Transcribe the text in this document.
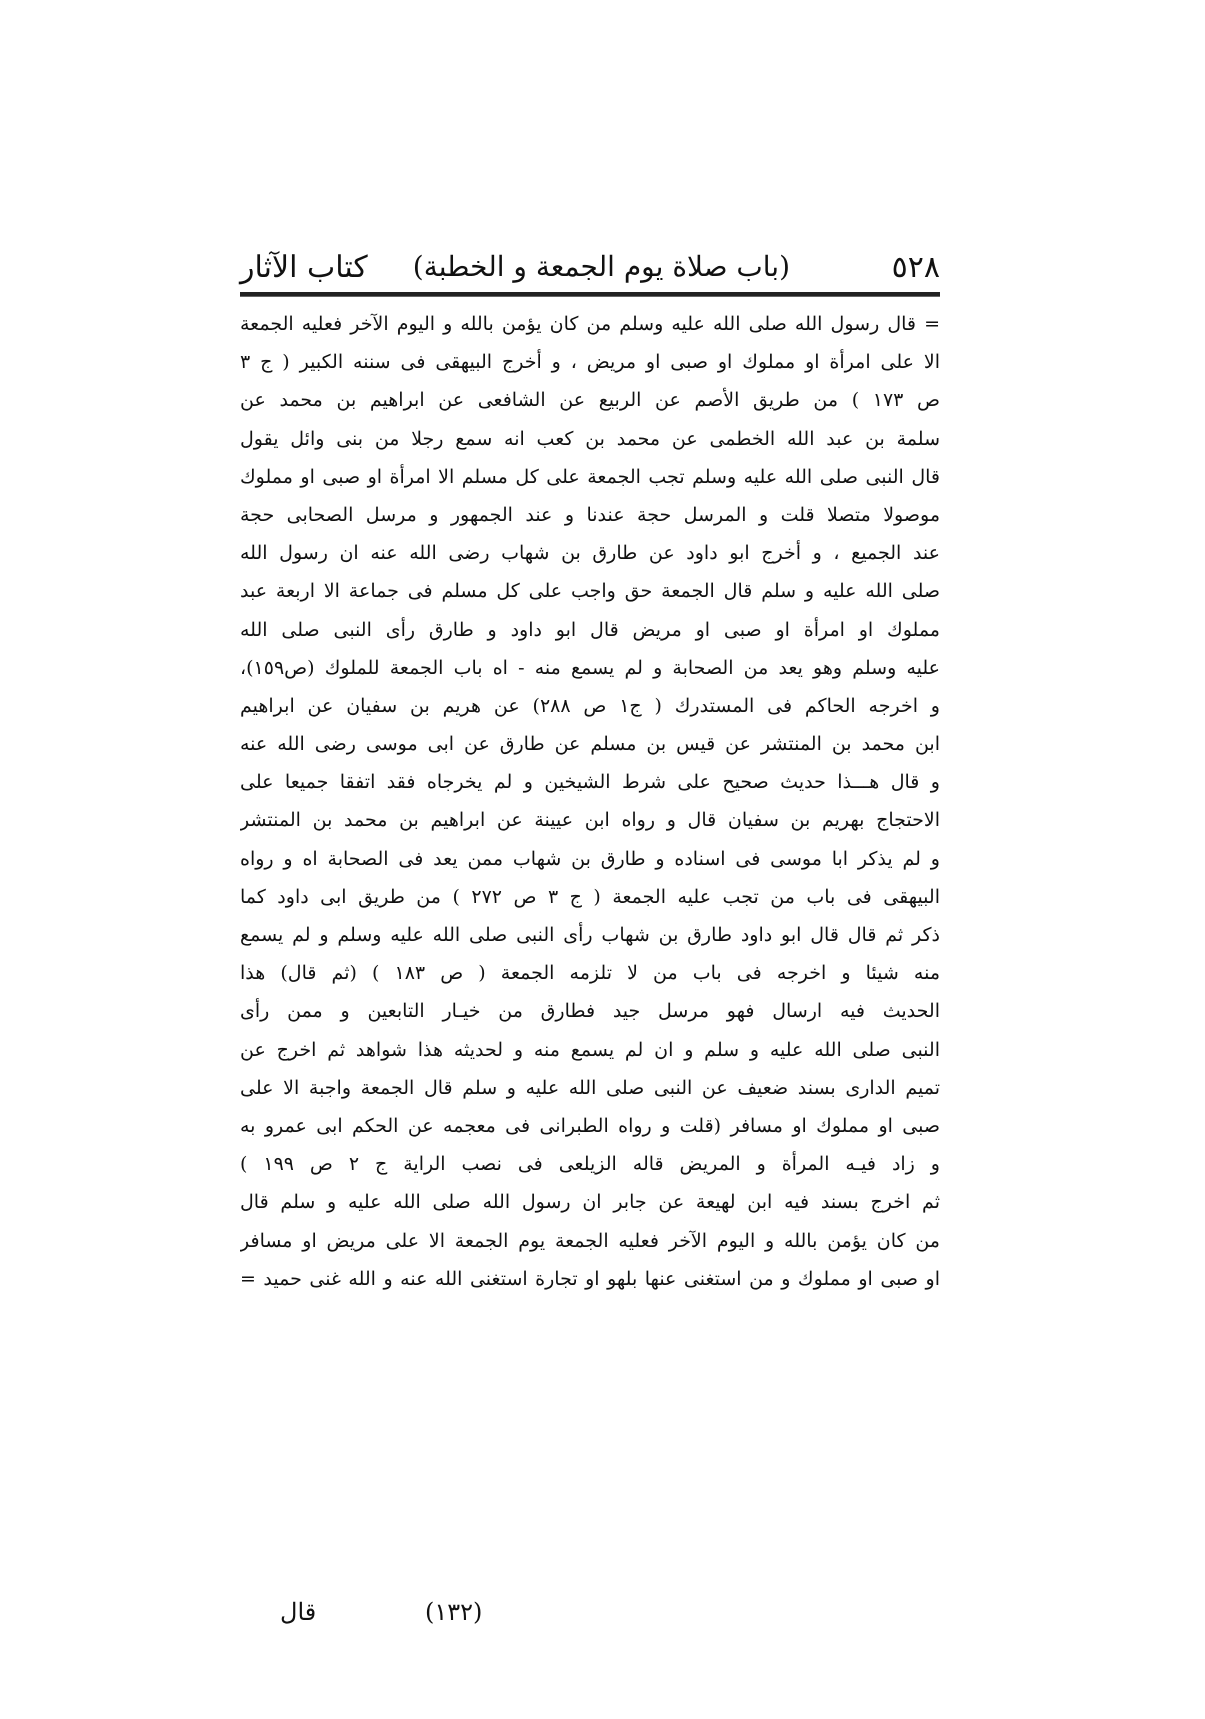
٥٢٨
(باب صلاة يوم الجمعة و الخطبة)
كتاب الآثار
= قال رسول الله صلى الله عليه وسلم من كان يؤمن بالله و اليوم الآخر فعليه الجمعة
الا على امرأة او مملوك او صبى او مريض ، و أخرج البيهقى فى سننه الكبير ( ج ٣
ص ١٧٣ ) من طريق الأصم عن الربيع عن الشافعى عن ابراهيم بن محمد عن
سلمة بن عبد الله الخطمى عن محمد بن كعب انه سمع رجلا من بنى وائل يقول
قال النبى صلى الله عليه وسلم تجب الجمعة على كل مسلم الا امرأة او صبى او مملوك
موصولا متصلا قلت و المرسل حجة عندنا و عند الجمهور و مرسل الصحابى حجة
عند الجميع ، و أخرج ابو داود عن طارق بن شهاب رضى الله عنه ان رسول الله
صلى الله عليه و سلم قال الجمعة حق واجب على كل مسلم فى جماعة الا اربعة عبد
مملوك او امرأة او صبى او مريض قال ابو داود و طارق رأى النبى صلى الله
عليه وسلم وهو يعد من الصحابة و لم يسمع منه - اه باب الجمعة للملوك (ص١٥٩)،
و اخرجه الحاكم فى المستدرك ( ج١ ص ٢٨٨) عن هريم بن سفيان عن ابراهيم
ابن محمد بن المنتشر عن قيس بن مسلم عن طارق عن ابى موسى رضى الله عنه
و قال هـــذا حديث صحيح على شرط الشيخين و لم يخرجاه فقد اتفقا جميعا على
الاحتجاج بهريم بن سفيان قال و رواه ابن عيينة عن ابراهيم بن محمد بن المنتشر
و لم يذكر ابا موسى فى اسناده و طارق بن شهاب ممن يعد فى الصحابة اه و رواه
البيهقى فى باب من تجب عليه الجمعة ( ج ٣ ص ٢٧٢ ) من طريق ابى داود كما
ذكر ثم قال قال ابو داود طارق بن شهاب رأى النبى صلى الله عليه وسلم و لم يسمع
منه شيئا و اخرجه فى باب من لا تلزمه الجمعة ( ص ١٨٣ ) (ثم قال) هذا
الحديث فيه ارسال فهو مرسل جيد فطارق من خيـار التابعين و ممن رأى
النبى صلى الله عليه و سلم و ان لم يسمع منه و لحديثه هذا شواهد ثم اخرج عن
تميم الدارى بسند ضعيف عن النبى صلى الله عليه و سلم قال الجمعة واجبة الا على
صبى او مملوك او مسافر (قلت و رواه الطبرانى فى معجمه عن الحكم ابى عمرو به
و زاد فيـه المرأة و المريض قاله الزيلعى فى نصب الراية ج ٢ ص ١٩٩ )
ثم اخرج بسند فيه ابن لهيعة عن جابر ان رسول الله صلى الله عليه و سلم قال
من كان يؤمن بالله و اليوم الآخر فعليه الجمعة يوم الجمعة الا على مريض او مسافر
او صبى او مملوك و من استغنى عنها بلهو او تجارة استغنى الله عنه و الله غنى حميد =
(١٣٢)
قال
